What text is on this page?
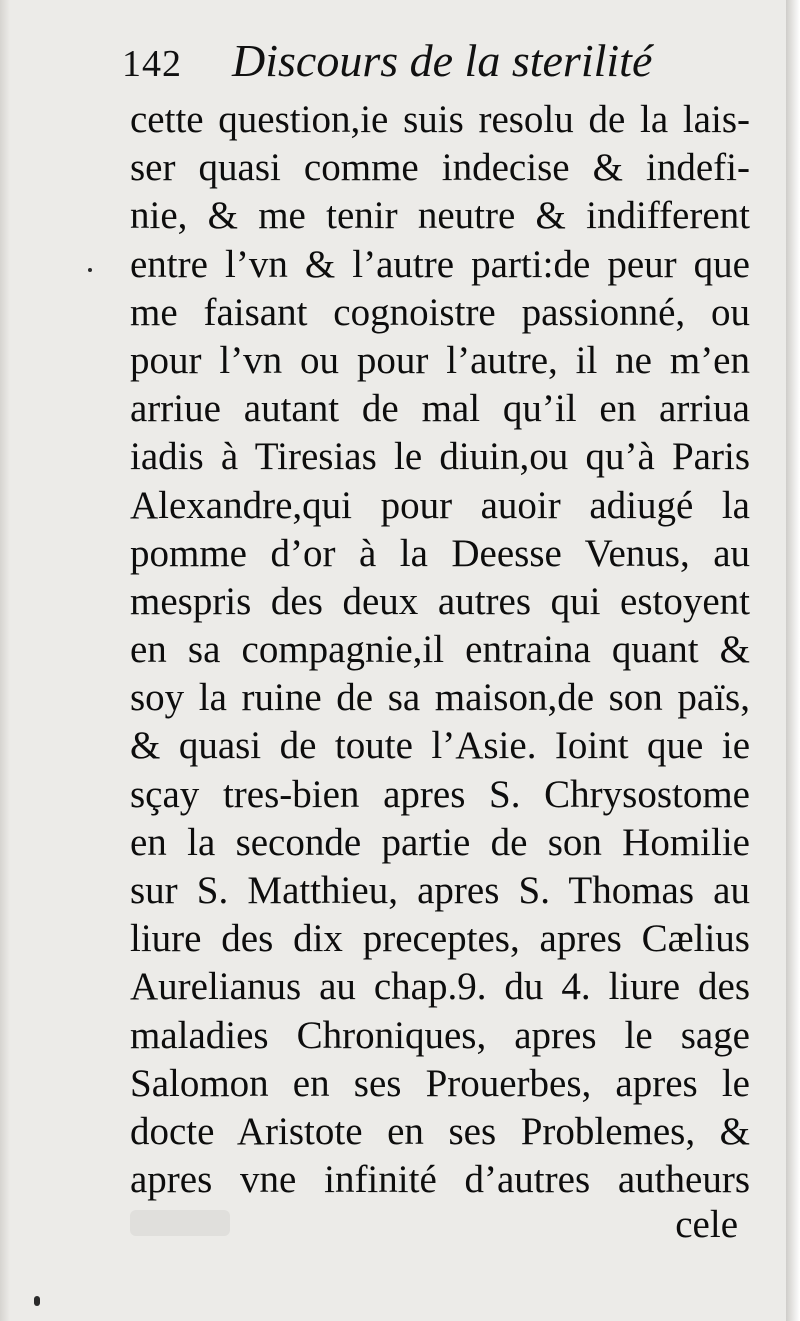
142 Discours de la sterilité
cette question,ie suis resolu de la lais-
ser quasi comme indecise & indefi-
nie, & me tenir neutre & indifferent
entre l’vn & l’autre parti:de peur que
me faisant cognoistre passionné, ou
pour l’vn ou pour l’autre, il ne m’en
arriue autant de mal qu’il en arriua
iadis à Tiresias le diuin,ou qu’à Paris
Alexandre,qui pour auoir adiugé la
pomme d’or à la Deesse Venus, au
mespris des deux autres qui estoyent
en sa compagnie,il entraina quant &
soy la ruine de sa maison,de son païs,
& quasi de toute l’Asie. Ioint que ie
sçay tres-bien apres S. Chrysostome
en la seconde partie de son Homilie
sur S. Matthieu, apres S. Thomas au
liure des dix preceptes, apres Cælius
Aurelianus au chap.9. du 4. liure des
maladies Chroniques, apres le sage
Salomon en ses Prouerbes, apres le
docte Aristote en ses Problemes, &
apres vne infinité d’autres autheurs
cele
